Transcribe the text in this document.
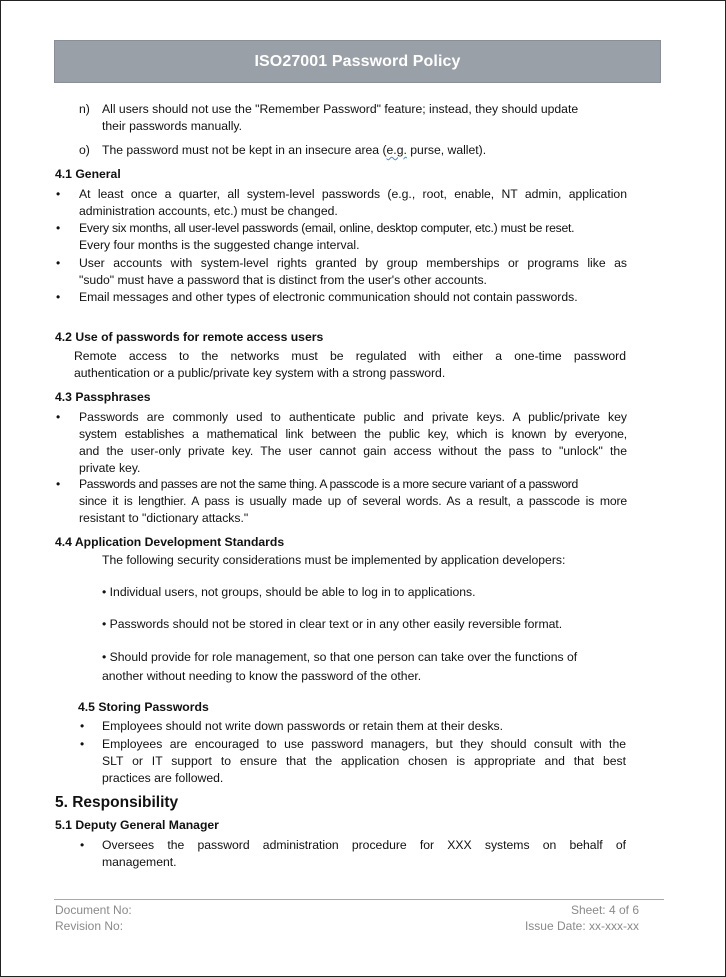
ISO27001 Password Policy
n) All users should not use the "Remember Password" feature; instead, they should update
their passwords manually.
o) The password must not be kept in an insecure area (e.g. purse, wallet).
4.1 General
• At least once a quarter, all system-level passwords (e.g., root, enable, NT admin, application
administration accounts, etc.) must be changed.
• Every six months, all user-level passwords (email, online, desktop computer, etc.) must be reset.
Every four months is the suggested change interval.
• User accounts with system-level rights granted by group memberships or programs like as
"sudo" must have a password that is distinct from the user's other accounts.
• Email messages and other types of electronic communication should not contain passwords.
4.2 Use of passwords for remote access users
Remote access to the networks must be regulated with either a one-time password
authentication or a public/private key system with a strong password.
4.3 Passphrases
• Passwords are commonly used to authenticate public and private keys. A public/private key
system establishes a mathematical link between the public key, which is known by everyone,
and the user-only private key. The user cannot gain access without the pass to "unlock" the
private key.
• Passwords and passes are not the same thing. A passcode is a more secure variant of a password
since it is lengthier. A pass is usually made up of several words. As a result, a passcode is more
resistant to "dictionary attacks."
4.4 Application Development Standards
The following security considerations must be implemented by application developers:
• Individual users, not groups, should be able to log in to applications.
• Passwords should not be stored in clear text or in any other easily reversible format.
• Should provide for role management, so that one person can take over the functions of
another without needing to know the password of the other.
4.5 Storing Passwords
• Employees should not write down passwords or retain them at their desks.
• Employees are encouraged to use password managers, but they should consult with the
SLT or IT support to ensure that the application chosen is appropriate and that best
practices are followed.
5. Responsibility
5.1 Deputy General Manager
• Oversees the password administration procedure for XXX systems on behalf of
management.
Document No:
Revision No:
Sheet: 4 of 6
Issue Date: xx-xxx-xx
